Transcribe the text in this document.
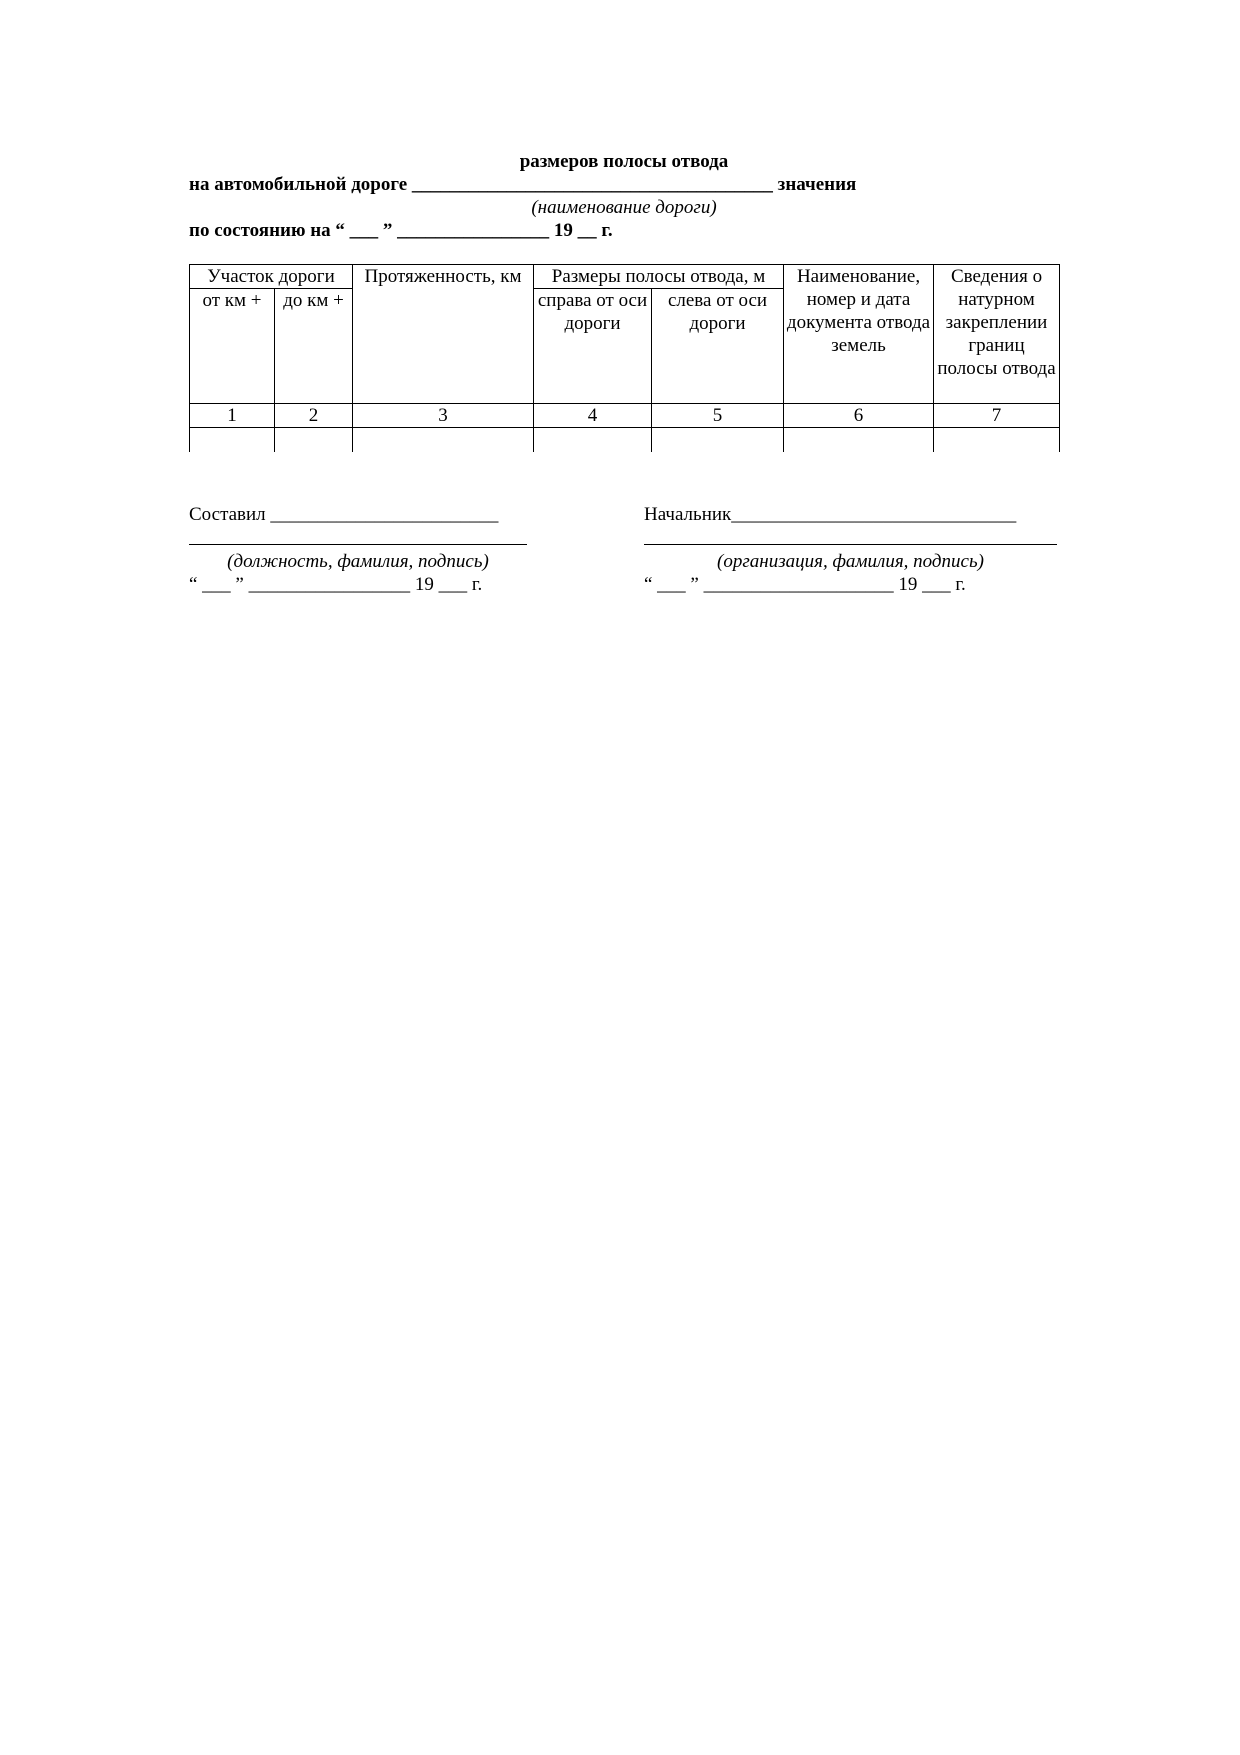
размеров полосы отвода
на автомобильной дороге ______________________________________ значения
(наименование дороги)
по состоянию на “ ___ ” ________________ 19 __ г.
Участок дороги		Протяженность, км	Размеры полосы отвода, м		Наименование, номер и дата документа отвода земель	Сведения о натурном закреплении границ полосы отвода
от км +	до км +		справа от оси дороги	слева от оси дороги		
1	2	3	4	5	6	7

Составил ________________________
(должность, фамилия, подпись)
“ ___ ” _________________ 19 ___ г.
Начальник______________________________
(организация, фамилия, подпись)
“ ___ ” ____________________ 19 ___ г.
